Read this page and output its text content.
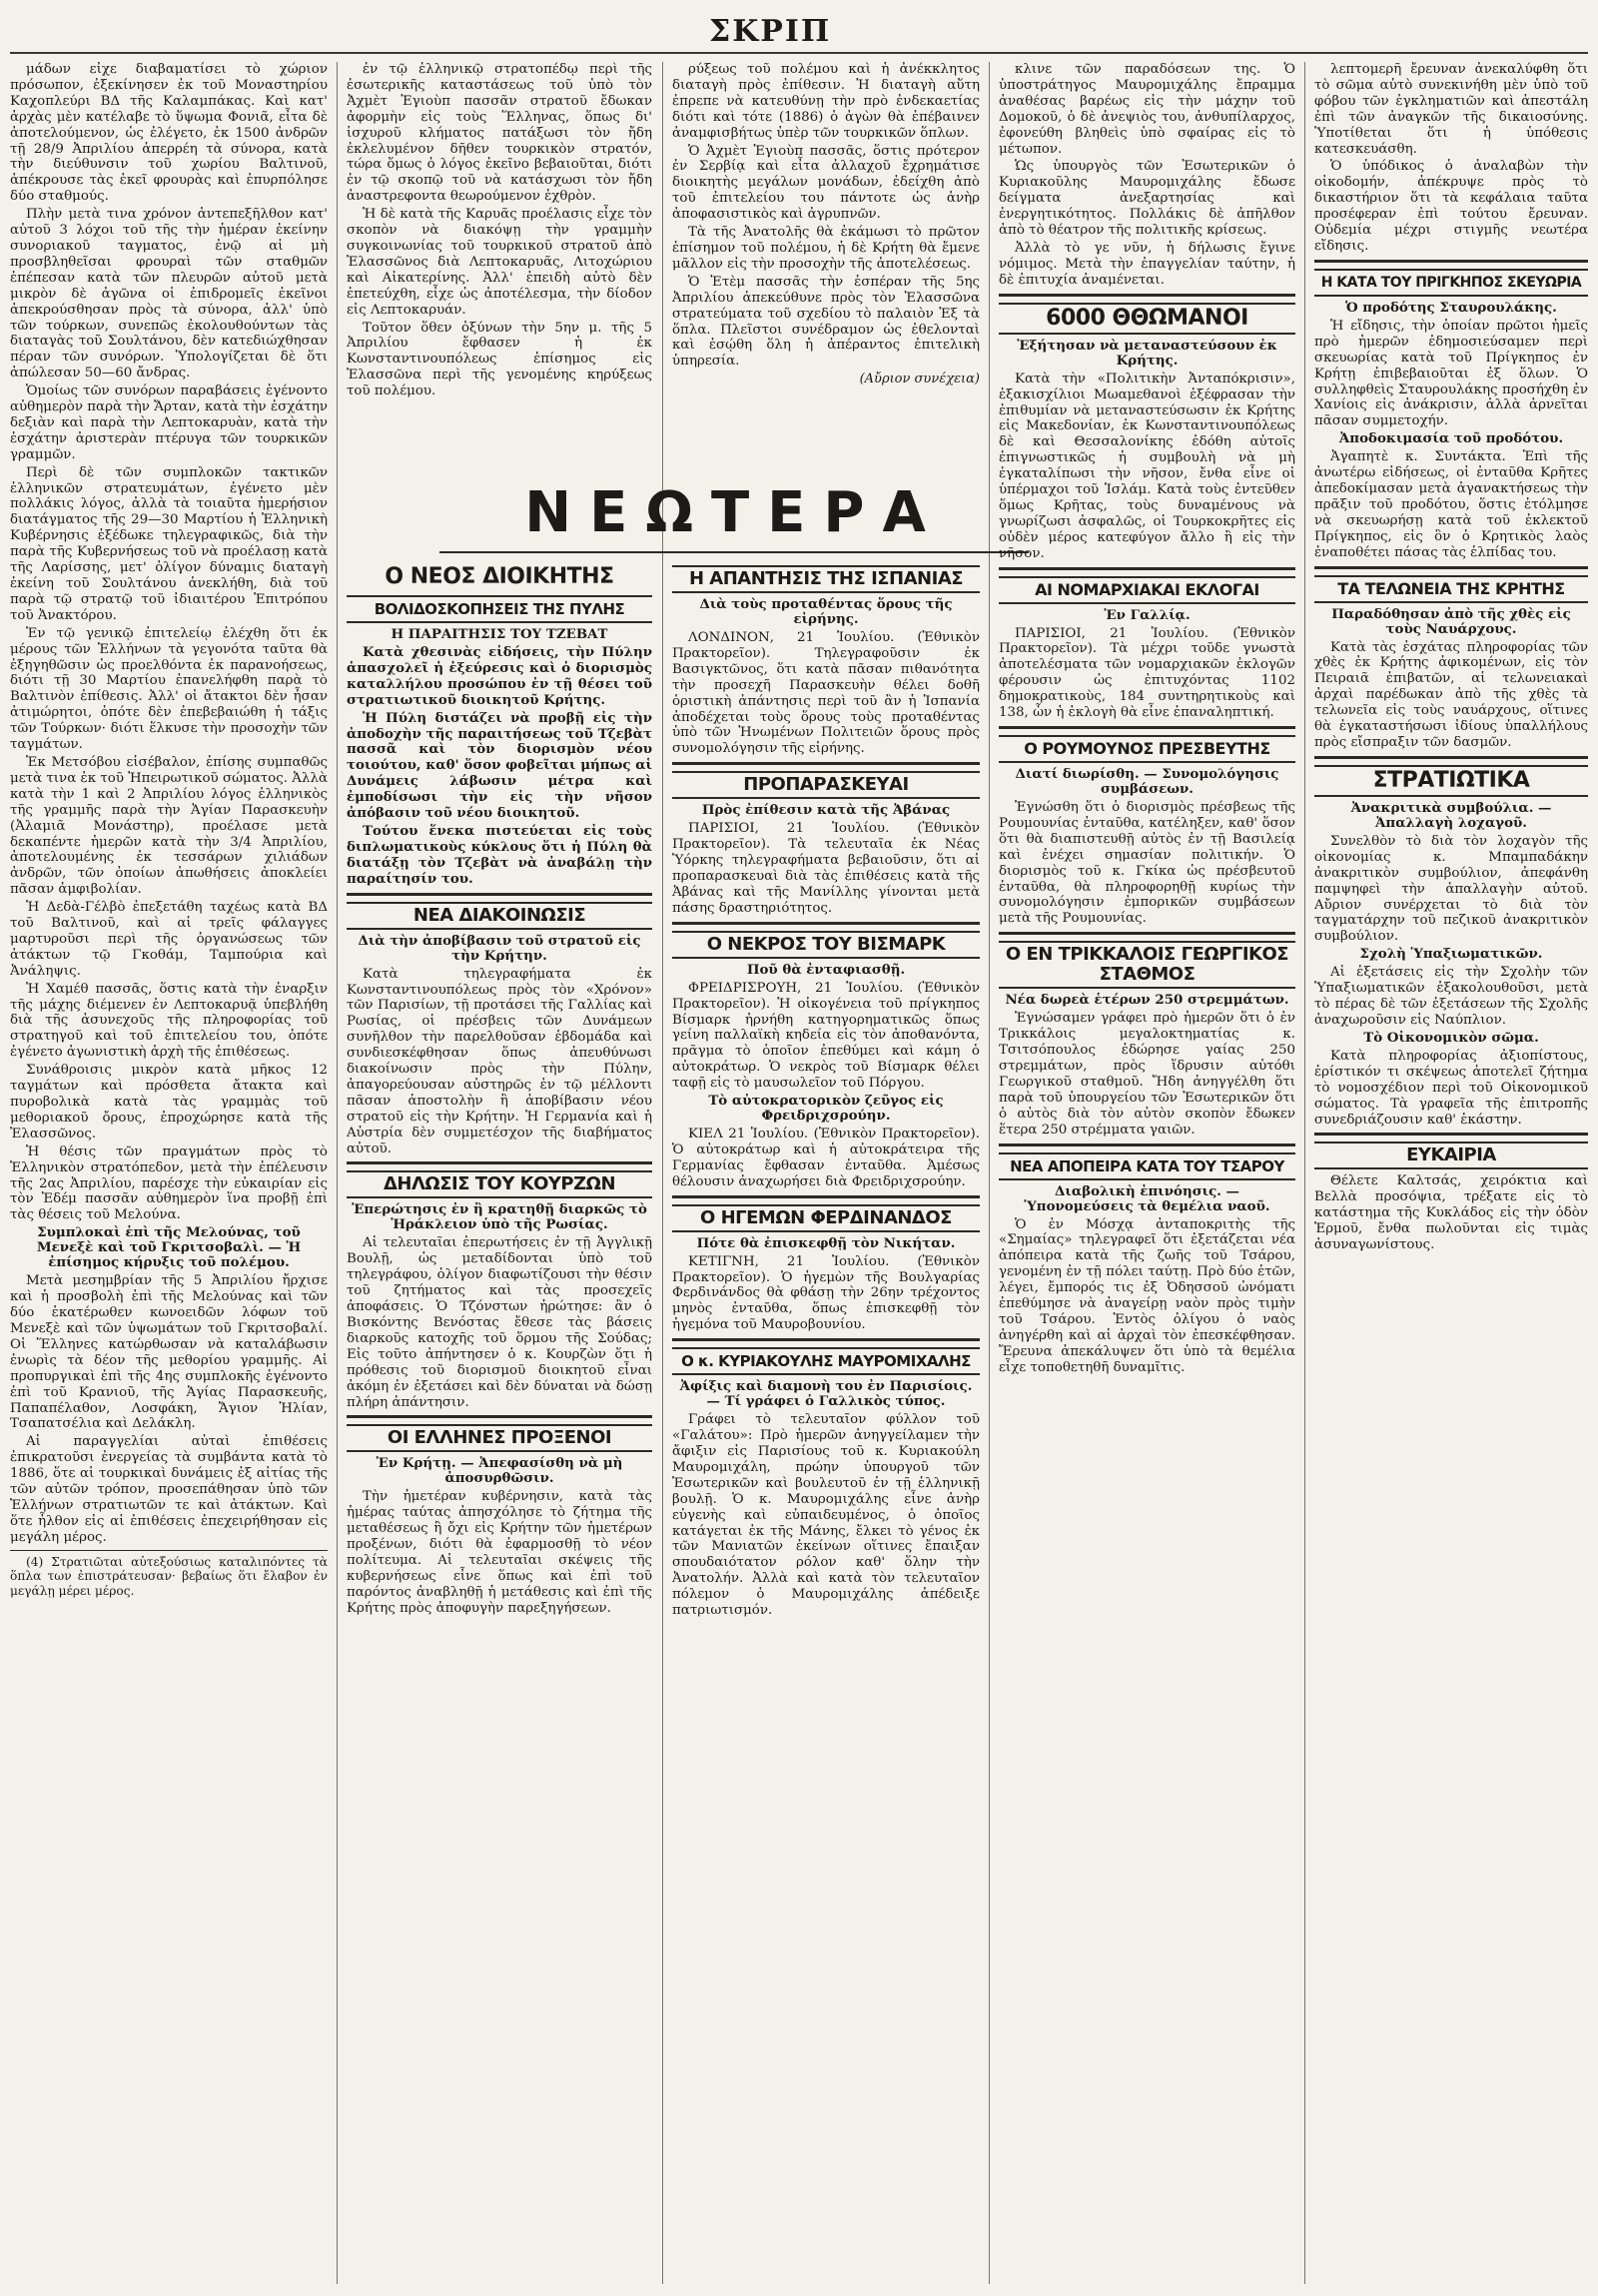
ΣΚΡΙΠ

μάδων εἶχε διαβαματίσει τὸ χώριον πρόσωπον, ἐξεκίνησεν ἐκ τοῦ Μοναστηρίου Καχοπλεύρι ΒΔ τῆς Καλαμπάκας. Καὶ κατ' ἀρχὰς μὲν κατέλαβε τὸ ὕψωμα Φονιᾶ, εἶτα δὲ ἀποτελούμενον, ὡς ἐλέγετο, ἐκ 1500 ἀνδρῶν τῇ 28/9 Ἀπριλίου ἀπερρέη τὰ σύνορα, κατὰ τὴν διεύθυνσιν τοῦ χωρίου Βαλτινοῦ, ἀπέκρουσε τὰς ἐκεῖ φρουρὰς καὶ ἐπυρπόλησε δύο σταθμούς.

Πλὴν μετὰ τινα χρόνον ἀντεπεξῆλθον κατ' αὐτοῦ 3 λόχοι τοῦ τῆς τὴν ἡμέραν ἐκείνην συνοριακοῦ ταγματος, ἐνῷ αἱ μὴ προσβληθεῖσαι φρουραὶ τῶν σταθμῶν ἐπέπεσαν κατὰ τῶν πλευρῶν αὐτοῦ μετὰ μικρὸν δὲ ἀγῶνα οἱ ἐπιδρομεῖς ἐκεῖνοι ἀπεκρούσθησαν πρὸς τὰ σύνορα, ἀλλ' ὑπὸ τῶν τούρκων, συνεπῶς ἐκολουθούντων τὰς διαταγὰς τοῦ Σουλτάνου, δὲν κατεδιώχθησαν πέραν τῶν συνόρων. Ὑπολογίζεται δὲ ὅτι ἀπώλεσαν 50—60 ἄνδρας.

Ὁμοίως τῶν συνόρων παραβάσεις ἐγένοντο αὐθημερὸν παρὰ τὴν Ἄρταν, κατὰ τὴν ἐσχάτην δεξιὰν καὶ παρὰ τὴν Λεπτοκαρυὰν, κατὰ τὴν ἐσχάτην ἀριστερὰν πτέρυγα τῶν τουρκικῶν γραμμῶν.

Περὶ δὲ τῶν συμπλοκῶν τακτικῶν ἑλληνικῶν στρατευμάτων, ἐγένετο μὲν πολλάκις λόγος, ἀλλὰ τὰ τοιαῦτα ἡμερήσιον διατάγματος τῆς 29—30 Μαρτίου ἡ Ἑλληνικὴ Κυβέρνησις ἐξέδωκε τηλεγραφικῶς, διὰ τὴν παρὰ τῆς Κυβερνήσεως τοῦ νὰ προέλασῃ κατὰ τῆς Λαρίσσης, μετ' ὀλίγον δύναμις διαταγὴ ἐκείνη τοῦ Σουλτάνου ἀνεκλήθη, διὰ τοῦ παρὰ τῷ στρατῷ τοῦ ἰδιαιτέρου Ἐπιτρόπου τοῦ Ἀνακτόρου.

Ἐν τῷ γενικῷ ἐπιτελείῳ ἐλέχθη ὅτι ἐκ μέρους τῶν Ἑλλήνων τὰ γεγονότα ταῦτα θὰ ἐξηγηθῶσιν ὡς προελθόντα ἐκ παρανοήσεως, διότι τῇ 30 Μαρτίου ἐπανελήφθη παρὰ τὸ Βαλτινὸν ἐπίθεσις. Ἀλλ' οἱ ἄτακτοι δὲν ἦσαν ἀτιμώρητοι, ὁπότε δὲν ἐπεβεβαιώθη ἡ τάξις τῶν Τούρκων· διότι ἕλκυσε τὴν προσοχὴν τῶν ταγμάτων.

Ἐκ Μετσόβου εἰσέβαλον, ἐπίσης συμπαθῶς μετὰ τινα ἐκ τοῦ Ἠπειρωτικοῦ σώματος. Ἀλλὰ κατὰ τὴν 1 καὶ 2 Ἀπριλίου λόγος ἑλληνικὸς τῆς γραμμῆς παρὰ τὴν Ἁγίαν Παρασκευὴν (Ἀλαμιᾶ Μονάστηρ), προέλασε μετὰ δεκαπέντε ἡμερῶν κατὰ τὴν 3/4 Ἀπριλίου, ἀποτελουμένης ἐκ τεσσάρων χιλιάδων ἀνδρῶν, τῶν ὁποίων ἀπωθήσεις ἀποκλείει πᾶσαν ἀμφιβολίαν.

Ἡ Δεδὰ-Γέλβὸ ἐπεξετάθη ταχέως κατὰ ΒΔ τοῦ Βαλτινοῦ, καὶ αἱ τρεῖς φάλαγγες μαρτυροῦσι περὶ τῆς ὀργανώσεως τῶν ἀτάκτων τῷ Γκοθάμ, Ταμπούρια καὶ Ἀνάληψις.

Ἡ Χαμέθ πασσᾶς, ὅστις κατὰ τὴν ἐναρξιν τῆς μάχης διέμενεν ἐν Λεπτοκαρυᾷ ὑπεβλήθη διὰ τῆς ἀσυνεχοῦς τῆς πληροφορίας τοῦ στρατηγοῦ καὶ τοῦ ἐπιτελείου του, ὁπότε ἐγένετο ἀγωνιστικὴ ἀρχὴ τῆς ἐπιθέσεως.

Συνάθροισις μικρὸν κατὰ μῆκος 12 ταγμάτων καὶ πρόσθετα ἄτακτα καὶ πυροβολικὰ κατὰ τὰς γραμμὰς τοῦ μεθοριακοῦ ὄρους, ἐπροχώρησε κατὰ τῆς Ἐλασσῶνος.

Ἡ θέσις τῶν πραγμάτων πρὸς τὸ Ἑλληνικὸν στρατόπεδον, μετὰ τὴν ἐπέλευσιν τῆς 2ας Ἀπριλίου, παρέσχε τὴν εὐκαιρίαν εἰς τὸν Ἐδέμ πασσᾶν αὐθημερὸν ἵνα προβῇ ἐπὶ τὰς θέσεις τοῦ Μελούνα.

Συμπλοκαὶ ἐπὶ τῆς Μελούνας, τοῦ Μενεξὲ καὶ τοῦ Γκριτσοβαλὶ. — Ἡ ἐπίσημος κήρυξις τοῦ πολέμου.

Μετὰ μεσημβρίαν τῆς 5 Ἀπριλίου ἤρχισε καὶ ἡ προσβολὴ ἐπὶ τῆς Μελούνας καὶ τῶν δύο ἑκατέρωθεν κωνοειδῶν λόφων τοῦ Μενεξὲ καὶ τῶν ὑψωμάτων τοῦ Γκριτσοβαλί. Οἱ Ἕλληνες κατώρθωσαν νὰ καταλάβωσιν ἐνωρὶς τὰ δέον τῆς μεθορίου γραμμῆς. Αἱ προπυργικαὶ ἐπὶ τῆς 4ης συμπλοκῆς ἐγένοντο ἐπὶ τοῦ Κρανιοῦ, τῆς Ἁγίας Παρασκευῆς, Παπαπέλαθον, Λοσφάκη, Ἄγιον Ἠλίαν, Τσαπατσέλια καὶ Δελάκλη.

Αἱ παραγγελίαι αὐταὶ ἐπιθέσεις ἐπικρατοῦσι ἐνεργείας τὰ συμβάντα κατὰ τὸ 1886, ὅτε αἱ τουρκικαὶ δυνάμεις ἐξ αἰτίας τῆς τῶν αὐτῶν τρόπον, προσεπάθησαν ὑπὸ τῶν Ἑλλήνων στρατιωτῶν τε καὶ ἀτάκτων. Καὶ ὅτε ἦλθον εἰς αἱ ἐπιθέσεις ἐπεχειρήθησαν εἰς μεγάλη μέρος.

(4) Στρατιῶται αὐτεξούσιως καταλιπόντες τὰ ὅπλα των ἐπιστράτευσαν· βεβαίως ὅτι ἔλαβον ἐν μεγάλῃ μέρει μέρος.

ἐν τῷ ἑλληνικῷ στρατοπέδῳ περὶ τῆς ἐσωτερικῆς καταστάσεως τοῦ ὑπὸ τὸν Ἀχμὲτ Ἐγιοὺπ πασσᾶν στρατοῦ ἔδωκαν ἀφορμὴν εἰς τοὺς Ἕλληνας, ὅπως δι' ἰσχυροῦ κλήματος πατάξωσι τὸν ἤδη ἐκλελυμένον δῆθεν τουρκικὸν στρατόν, τώρα ὅμως ὁ λόγος ἐκεῖνο βεβαιοῦται, διότι ἐν τῷ σκοπῷ τοῦ νὰ κατάσχωσι τὸν ἤδη ἀναστρεφοντα θεωρούμενον ἐχθρὸν.

Ἡ δὲ κατὰ τῆς Καρυᾶς προέλασις εἶχε τὸν σκοπὸν νὰ διακόψῃ τὴν γραμμὴν συγκοινωνίας τοῦ τουρκικοῦ στρατοῦ ἀπὸ Ἐλασσῶνος διὰ Λεπτοκαρυᾶς, Λιτοχώριου καὶ Αἰκατερίνης. Ἀλλ' ἐπειδὴ αὐτὸ δὲν ἐπετεύχθη, εἶχε ὡς ἀποτέλεσμα, τὴν δίοδον εἰς Λεπτοκαρυάν.

Τοῦτον ὅθεν ὀξύνων τὴν 5ην μ. τῆς 5 Ἀπριλίου ἔφθασεν ἡ ἐκ Κωνσταντινουπόλεως ἐπίσημος εἰς Ἐλασσῶνα περὶ τῆς γενομένης κηρύξεως τοῦ πολέμου.

ρύξεως τοῦ πολέμου καὶ ἡ ἀνέκκλητος διαταγὴ πρὸς ἐπίθεσιν. Ἡ διαταγὴ αὕτη ἐπρεπε νὰ κατευθύνῃ τὴν πρὸ ἐνδεκαετίας διότι καὶ τότε (1886) ὁ ἀγὼν θὰ ἐπέβαινεν ἀναμφισβήτως ὑπὲρ τῶν τουρκικῶν ὅπλων.

Ὁ Ἀχμὲτ Ἐγιοὺπ πασσᾶς, ὅστις πρότερον ἐν Σερβίᾳ καὶ εἶτα ἀλλαχοῦ ἔχρημάτισε διοικητὴς μεγάλων μονάδων, ἐδείχθη ἀπὸ τοῦ ἐπιτελείου του πάντοτε ὡς ἀνὴρ ἀποφασιστικὸς καὶ ἀγρυπνῶν.

Τὰ τῆς Ἀνατολῆς θὰ ἐκάμωσι τὸ πρῶτον ἐπίσημον τοῦ πολέμου, ἡ δὲ Κρήτη θὰ ἔμενε μᾶλλον εἰς τὴν προσοχὴν τῆς ἀποτελέσεως.

Ὁ Ἐτὲμ πασσᾶς τὴν ἑσπέραν τῆς 5ης Ἀπριλίου ἀπεκεύθυνε πρὸς τὸν Ἐλασσῶνα στρατεύματα τοῦ σχεδίου τὸ παλαιὸν Ἐξ τὰ ὅπλα. Πλεῖστοι συνέδραμον ὡς ἐθελονταὶ καὶ ἐσῴθη ὅλη ἡ ἀπέραντος ἐπιτελικὴ ὑπηρεσία.

(Αὔριον συνέχεια)
ΝΕΩΤΕΡΑ
Ο ΝΕΟΣ ΔΙΟΙΚΗΤΗΣ
ΒΟΛΙΔΟΣΚΟΠΗΣΕΙΣ ΤΗΣ ΠΥΛΗΣ
Η ΠΑΡΑΙΤΗΣΙΣ ΤΟΥ ΤΖΕΒΑΤ

Κατὰ χθεσινὰς εἰδήσεις, τὴν Πύλην ἀπασχολεῖ ἡ ἐξεύρεσις καὶ ὁ διορισμὸς καταλλήλου προσώπου ἐν τῇ θέσει τοῦ στρατιωτικοῦ διοικητοῦ Κρήτης.

Ἡ Πύλη διστάζει νὰ προβῇ εἰς τὴν ἀποδοχὴν τῆς παραιτήσεως τοῦ Τζεβὰτ πασσᾶ καὶ τὸν διορισμὸν νέου τοιούτου, καθ' ὅσον φοβεῖται μήπως αἱ Δυνάμεις λάβωσιν μέτρα καὶ ἐμποδίσωσι τὴν εἰς τὴν νῆσον ἀπόβασιν τοῦ νέου διοικητοῦ.

Τούτου ἕνεκα πιστεύεται εἰς τοὺς διπλωματικοὺς κύκλους ὅτι ἡ Πύλη θὰ διατάξῃ τὸν Τζεβὰτ νὰ ἀναβάλῃ τὴν παραίτησίν του.

ΝΕΑ ΔΙΑΚΟΙΝΩΣΙΣ
Διὰ τὴν ἀποβίβασιν τοῦ στρατοῦ εἰς τὴν Κρήτην.

Κατὰ τηλεγραφήματα ἐκ Κωνσταντινουπόλεως πρὸς τὸν «Χρόνον» τῶν Παρισίων, τῇ προτάσει τῆς Γαλλίας καὶ Ρωσίας, οἱ πρέσβεις τῶν Δυνάμεων συνῆλθον τὴν παρελθοῦσαν ἑβδομάδα καὶ συνδιεσκέφθησαν ὅπως ἀπευθύνωσι διακοίνωσιν πρὸς τὴν Πύλην, ἀπαγορεύουσαν αὐστηρῶς ἐν τῷ μέλλοντι πᾶσαν ἀποστολὴν ἢ ἀποβίβασιν νέου στρατοῦ εἰς τὴν Κρήτην. Ἡ Γερμανία καὶ ἡ Αὐστρία δὲν συμμετέσχον τῆς διαβήματος αὐτοῦ.

ΔΗΛΩΣΙΣ ΤΟΥ ΚΟΥΡΖΩΝ
Ἐπερώτησις ἐν ἢ κρατηθῇ διαρκῶς τὸ Ἡράκλειον ὑπὸ τῆς Ρωσίας.

Αἱ τελευταῖαι ἐπερωτήσεις ἐν τῇ Ἀγγλικῇ Βουλῇ, ὡς μεταδίδονται ὑπὸ τοῦ τηλεγράφου, ὀλίγον διαφωτίζουσι τὴν θέσιν τοῦ ζητήματος καὶ τὰς προσεχεῖς ἀποφάσεις. Ὁ Τζόνστων ἠρώτησε: ἂν ὁ Βισκόντης Βενόστας ἔθεσε τὰς βάσεις διαρκοῦς κατοχῆς τοῦ ὅρμου τῆς Σούδας; Εἰς τοῦτο ἀπήντησεν ὁ κ. Κουρζὼν ὅτι ἡ πρόθεσις τοῦ διορισμοῦ διοικητοῦ εἶναι ἀκόμη ἐν ἐξετάσει καὶ δὲν δύναται νὰ δώσῃ πλήρη ἀπάντησιν.

ΟΙ ΕΛΛΗΝΕΣ ΠΡΟΞΕΝΟΙ
Ἐν Κρήτῃ. — Ἀπεφασίσθη νὰ μὴ ἀποσυρθῶσιν.

Τὴν ἡμετέραν κυβέρνησιν, κατὰ τὰς ἡμέρας ταύτας ἀπησχόλησε τὸ ζήτημα τῆς μεταθέσεως ἢ ὄχι εἰς Κρήτην τῶν ἡμετέρων προξένων, διότι θὰ ἐφαρμοσθῇ τὸ νέον πολίτευμα. Αἱ τελευταῖαι σκέψεις τῆς κυβερνήσεως εἶνε ὅπως καὶ ἐπὶ τοῦ παρόντος ἀναβληθῇ ἡ μετάθεσις καὶ ἐπὶ τῆς Κρήτης πρὸς ἀποφυγὴν παρεξηγήσεων.

Η ΑΠΑΝΤΗΣΙΣ ΤΗΣ ΙΣΠΑΝΙΑΣ
Διὰ τοὺς προταθέντας ὅρους τῆς εἰρήνης.

ΛΟΝΔΙΝΟΝ, 21 Ἰουλίου. (Ἐθνικὸν Πρακτορεῖον). Τηλεγραφοῦσιν ἐκ Βασιγκτῶνος, ὅτι κατὰ πᾶσαν πιθανότητα τὴν προσεχῆ Παρασκευὴν θέλει δοθῆ ὁριστικὴ ἀπάντησις περὶ τοῦ ἂν ἡ Ἰσπανία ἀποδέχεται τοὺς ὅρους τοὺς προταθέντας ὑπὸ τῶν Ἡνωμένων Πολιτειῶν ὅρους πρὸς συνομολόγησιν τῆς εἰρήνης.

ΠΡΟΠΑΡΑΣΚΕΥΑΙ
Πρὸς ἐπίθεσιν κατὰ τῆς Ἀβάνας

ΠΑΡΙΣΙΟΙ, 21 Ἰουλίου. (Ἐθνικὸν Πρακτορεῖον). Τὰ τελευταῖα ἐκ Νέας Ὑόρκης τηλεγραφήματα βεβαιοῦσιν, ὅτι αἱ προπαρασκευαὶ διὰ τὰς ἐπιθέσεις κατὰ τῆς Ἀβάνας καὶ τῆς Μανίλλης γίνονται μετὰ πάσης δραστηριότητος.

Ο ΝΕΚΡΟΣ ΤΟΥ ΒΙΣΜΑΡΚ
Ποῦ θὰ ἐνταφιασθῇ.

ΦΡΕΙΔΡΙΣΡΟΥΗ, 21 Ἰουλίου. (Ἐθνικὸν Πρακτορεῖον). Ἡ οἰκογένεια τοῦ πρίγκηπος Βίσμαρκ ἠρνήθη κατηγορηματικῶς ὅπως γείνη παλλαϊκὴ κηδεία εἰς τὸν ἀποθανόντα, πρᾶγμα τὸ ὁποῖον ἐπεθύμει καὶ κάμη ὁ αὐτοκράτωρ. Ὁ νεκρὸς τοῦ Βίσμαρκ θέλει ταφῇ εἰς τὸ μαυσωλεῖον τοῦ Πόργου.

Τὸ αὐτοκρατορικὸν ζεῦγος εἰς Φρειδριχσρούην.

ΚΙΕΛ 21 Ἰουλίου. (Ἐθνικὸν Πρακτορεῖον). Ὁ αὐτοκράτωρ καὶ ἡ αὐτοκράτειρα τῆς Γερμανίας ἔφθασαν ἐνταῦθα. Ἀμέσως θέλουσιν ἀναχωρήσει διὰ Φρειδριχσρούην.

Ο ΗΓΕΜΩΝ ΦΕΡΔΙΝΑΝΔΟΣ
Πότε θὰ ἐπισκεφθῇ τὸν Νικήταν.

ΚΕΤΙΓΝΗ, 21 Ἰουλίου. (Ἐθνικὸν Πρακτορεῖον). Ὁ ἡγεμὼν τῆς Βουλγαρίας Φερδινάνδος θὰ φθάσῃ τὴν 26ην τρέχοντος μηνὸς ἐνταῦθα, ὅπως ἐπισκεφθῇ τὸν ἡγεμόνα τοῦ Μαυροβουνίου.

Ο κ. ΚΥΡΙΑΚΟΥΛΗΣ ΜΑΥΡΟΜΙΧΑΛΗΣ
Ἀφίξις καὶ διαμονὴ του ἐν Παρισίοις. — Τί γράφει ὁ Γαλλικὸς τύπος.

Γράφει τὸ τελευταῖον φύλλον τοῦ «Γαλάτου»: Πρὸ ἡμερῶν ἀνηγγείλαμεν τὴν ἄφιξιν εἰς Παρισίους τοῦ κ. Κυριακούλη Μαυρομιχάλη, πρώην ὑπουργοῦ τῶν Ἐσωτερικῶν καὶ βουλευτοῦ ἐν τῇ ἑλληνικῇ βουλῇ. Ὁ κ. Μαυρομιχάλης εἶνε ἀνὴρ εὐγενὴς καὶ εὐπαιδευμένος, ὁ ὁποῖος κατάγεται ἐκ τῆς Μάνης, ἔλκει τὸ γένος ἐκ τῶν Μανιατῶν ἐκείνων οἵτινες ἔπαιξαν σπουδαιότατον ρόλον καθ' ὅλην τὴν Ἀνατολήν. Ἀλλὰ καὶ κατὰ τὸν τελευταῖον πόλεμον ὁ Μαυρομιχάλης ἀπέδειξε πατριωτισμόν.

κλινε τῶν παραδόσεων της. Ὁ ὑποστράτηγος Μαυρομιχάλης ἔπραμμα ἀναθέσας βαρέως εἰς τὴν μάχην τοῦ Δομοκοῦ, ὁ δὲ ἀνεψιὸς του, ἀνθυπίλαρχος, ἐφονεύθη βληθεὶς ὑπὸ σφαίρας εἰς τὸ μέτωπον.

Ὡς ὑπουργὸς τῶν Ἐσωτερικῶν ὁ Κυριακοῦλης Μαυρομιχάλης ἔδωσε δείγματα ἀνεξαρτησίας καὶ ἐνεργητικότητος. Πολλάκις δὲ ἀπῆλθον ἀπὸ τὸ θέατρον τῆς πολιτικῆς κρίσεως.

Ἀλλὰ τὸ γε νῦν, ἡ δήλωσις ἔγινε νόμιμος. Μετὰ τὴν ἐπαγγελίαν ταύτην, ἡ δὲ ἐπιτυχία ἀναμένεται.

6000 ΘΘΩΜΑΝΟΙ
Ἐξήτησαν νὰ μεταναστεύσουν ἐκ Κρήτης.

Κατὰ τὴν «Πολιτικὴν Ἀνταπόκρισιν», ἐξακισχίλιοι Μωαμεθανοὶ ἐξέφρασαν τὴν ἐπιθυμίαν νὰ μεταναστεύσωσιν ἐκ Κρήτης εἰς Μακεδονίαν, ἐκ Κωνσταντινουπόλεως δὲ καὶ Θεσσαλονίκης ἐδόθη αὐτοῖς ἐπιγνωστικῶς ἡ συμβουλὴ νὰ μὴ ἐγκαταλίπωσι τὴν νῆσον, ἔνθα εἶνε οἱ ὑπέρμαχοι τοῦ Ἰσλάμ. Κατὰ τοὺς ἐντεῦθεν ὅμως Κρῆτας, τοὺς δυναμένους νὰ γνωρίζωσι ἀσφαλῶς, οἱ Τουρκοκρῆτες εἰς οὐδὲν μέρος κατεφύγον ἄλλο ἢ εἰς τὴν νῆσον.

ΑΙ ΝΟΜΑΡΧΙΑΚΑΙ ΕΚΛΟΓΑΙ
Ἐν Γαλλίᾳ.

ΠΑΡΙΣΙΟΙ, 21 Ἰουλίου. (Ἐθνικὸν Πρακτορεῖον). Τὰ μέχρι τοῦδε γνωστὰ ἀποτελέσματα τῶν νομαρχιακῶν ἐκλογῶν φέρουσιν ὡς ἐπιτυχόντας 1102 δημοκρατικοὺς, 184 συντηρητικοὺς καὶ 138, ὧν ἡ ἐκλογὴ θὰ εἶνε ἐπαναληπτική.

Ο ΡΟΥΜΟΥΝΟΣ ΠΡΕΣΒΕΥΤΗΣ
Διατί διωρίσθη. — Συνομολόγησις συμβάσεων.

Ἐγνώσθη ὅτι ὁ διορισμὸς πρέσβεως τῆς Ρουμουνίας ἐνταῦθα, κατέληξεν, καθ' ὅσον ὅτι θὰ διαπιστευθῇ αὐτὸς ἐν τῇ Βασιλείᾳ καὶ ἐνέχει σημασίαν πολιτικήν. Ὁ διορισμὸς τοῦ κ. Γκίκα ὡς πρέσβευτοῦ ἐνταῦθα, θὰ πληροφορηθῇ κυρίως τὴν συνομολόγησιν ἐμπορικῶν συμβάσεων μετὰ τῆς Ρουμουνίας.

Ο ΕΝ ΤΡΙΚΚΑΛΟΙΣ ΓΕΩΡΓΙΚΟΣ ΣΤΑΘΜΟΣ
Νέα δωρεὰ ἑτέρων 250 στρεμμάτων.

Ἐγνώσαμεν γράφει πρὸ ἡμερῶν ὅτι ὁ ἐν Τρικκάλοις μεγαλοκτηματίας κ. Τσιτσόπουλος ἐδώρησε γαίας 250 στρεμμάτων, πρὸς ἵδρυσιν αὐτόθι Γεωργικοῦ σταθμοῦ. Ἤδη ἀνηγγέλθη ὅτι παρὰ τοῦ ὑπουργείου τῶν Ἐσωτερικῶν ὅτι ὁ αὐτὸς διὰ τὸν αὐτὸν σκοπὸν ἔδωκεν ἕτερα 250 στρέμματα γαιῶν.

ΝΕΑ ΑΠΟΠΕΙΡΑ ΚΑΤΑ ΤΟΥ ΤΣΑΡΟΥ
Διαβολικὴ ἐπινόησις. — Ὑπονομεύσεις τὰ θεμέλια ναοῦ.

Ὁ ἐν Μόσχᾳ ἀνταποκριτὴς τῆς «Σημαίας» τηλεγραφεῖ ὅτι ἐξετάζεται νέα ἀπόπειρα κατὰ τῆς ζωῆς τοῦ Τσάρου, γενομένη ἐν τῇ πόλει ταύτῃ. Πρὸ δύο ἐτῶν, λέγει, ἔμπορός τις ἐξ Ὀδησσοῦ ὠνόματι ἐπεθύμησε νὰ ἀναγείρῃ ναὸν πρὸς τιμὴν τοῦ Τσάρου. Ἐντὸς ὀλίγου ὁ ναὸς ἀνηγέρθη καὶ αἱ ἀρχαὶ τὸν ἐπεσκέφθησαν. Ἔρευνα ἀπεκάλυψεν ὅτι ὑπὸ τὰ θεμέλια εἶχε τοποθετηθῆ δυναμῖτις.

λεπτομερῆ ἔρευναν ἀνεκαλύφθη ὅτι τὸ σῶμα αὐτὸ συνεκινήθη μὲν ὑπὸ τοῦ φόβου τῶν ἐγκληματιῶν καὶ ἀπεστάλη ἐπὶ τῶν ἀναγκῶν τῆς δικαιοσύνης. Ὑποτίθεται ὅτι ἡ ὑπόθεσις κατεσκευάσθη.

Ὁ ὑπόδικος ὁ ἀναλαβὼν τὴν οἰκοδομήν, ἀπέκρυψε πρὸς τὸ δικαστήριον ὅτι τὰ κεφάλαια ταῦτα προσέφεραν ἐπὶ τούτου ἔρευναν. Οὐδεμία μέχρι στιγμῆς νεωτέρα εἴδησις.

Η ΚΑΤΑ ΤΟΥ ΠΡΙΓΚΗΠΟΣ ΣΚΕΥΩΡΙΑ
Ὁ προδότης Σταυρουλάκης.

Ἡ εἴδησις, τὴν ὁποίαν πρῶτοι ἡμεῖς πρὸ ἡμερῶν ἐδημοσιεύσαμεν περὶ σκευωρίας κατὰ τοῦ Πρίγκηπος ἐν Κρήτῃ ἐπιβεβαιοῦται ἐξ ὅλων. Ὁ συλληφθεὶς Σταυρουλάκης προσήχθη ἐν Χανίοις εἰς ἀνάκρισιν, ἀλλὰ ἀρνεῖται πᾶσαν συμμετοχήν.

Ἀποδοκιμασία τοῦ προδότου.

Ἀγαπητὲ κ. Συντάκτα. Ἐπὶ τῆς ἀνωτέρω εἰδήσεως, οἱ ἐνταῦθα Κρῆτες ἀπεδοκίμασαν μετὰ ἀγανακτήσεως τὴν πρᾶξιν τοῦ προδότου, ὅστις ἐτόλμησε νὰ σκευωρήσῃ κατὰ τοῦ ἐκλεκτοῦ Πρίγκηπος, εἰς ὃν ὁ Κρητικὸς λαὸς ἐναποθέτει πάσας τὰς ἐλπίδας του.

ΤΑ ΤΕΛΩΝΕΙΑ ΤΗΣ ΚΡΗΤΗΣ
Παραδόθησαν ἀπὸ τῆς χθὲς εἰς τοὺς Ναυάρχους.

Κατὰ τὰς ἐσχάτας πληροφορίας τῶν χθὲς ἐκ Κρήτης ἀφικομένων, εἰς τὸν Πειραιᾶ ἐπιβατῶν, αἱ τελωνειακαὶ ἀρχαὶ παρέδωκαν ἀπὸ τῆς χθὲς τὰ τελωνεῖα εἰς τοὺς ναυάρχους, οἵτινες θὰ ἐγκαταστήσωσι ἰδίους ὑπαλλήλους πρὸς εἴσπραξιν τῶν δασμῶν.

ΣΤΡΑΤΙΩΤΙΚΑ
Ἀνακριτικὰ συμβούλια. — Ἀπαλλαγὴ λοχαγοῦ.

Συνελθὸν τὸ διὰ τὸν λοχαγὸν τῆς οἰκονομίας κ. Μπαμπαδάκην ἀνακριτικὸν συμβούλιον, ἀπεφάνθη παμψηφεὶ τὴν ἀπαλλαγὴν αὐτοῦ. Αὔριον συνέρχεται τὸ διὰ τὸν ταγματάρχην τοῦ πεζικοῦ ἀνακριτικὸν συμβούλιον.

Σχολὴ Ὑπαξιωματικῶν.

Αἱ ἐξετάσεις εἰς τὴν Σχολὴν τῶν Ὑπαξιωματικῶν ἐξακολουθοῦσι, μετὰ τὸ πέρας δὲ τῶν ἐξετάσεων τῆς Σχολῆς ἀναχωροῦσιν εἰς Ναύπλιον.

Τὸ Οἰκονομικὸν σῶμα.

Κατὰ πληροφορίας ἀξιοπίστους, ἐρίστικόν τι σκέψεως ἀποτελεῖ ζήτημα τὸ νομοσχέδιον περὶ τοῦ Οἰκονομικοῦ σώματος. Τὰ γραφεῖα τῆς ἐπιτροπῆς συνεδριάζουσιν καθ' ἑκάστην.

ΕΥΚΑΙΡΙΑ

Θέλετε Καλτσάς, χειρόκτια καὶ Βελλὰ προσόψια, τρέξατε εἰς τὸ κατάστημα τῆς Κυκλάδος εἰς τὴν ὁδὸν Ἑρμοῦ, ἔνθα πωλοῦνται εἰς τιμὰς ἀσυναγωνίστους.
